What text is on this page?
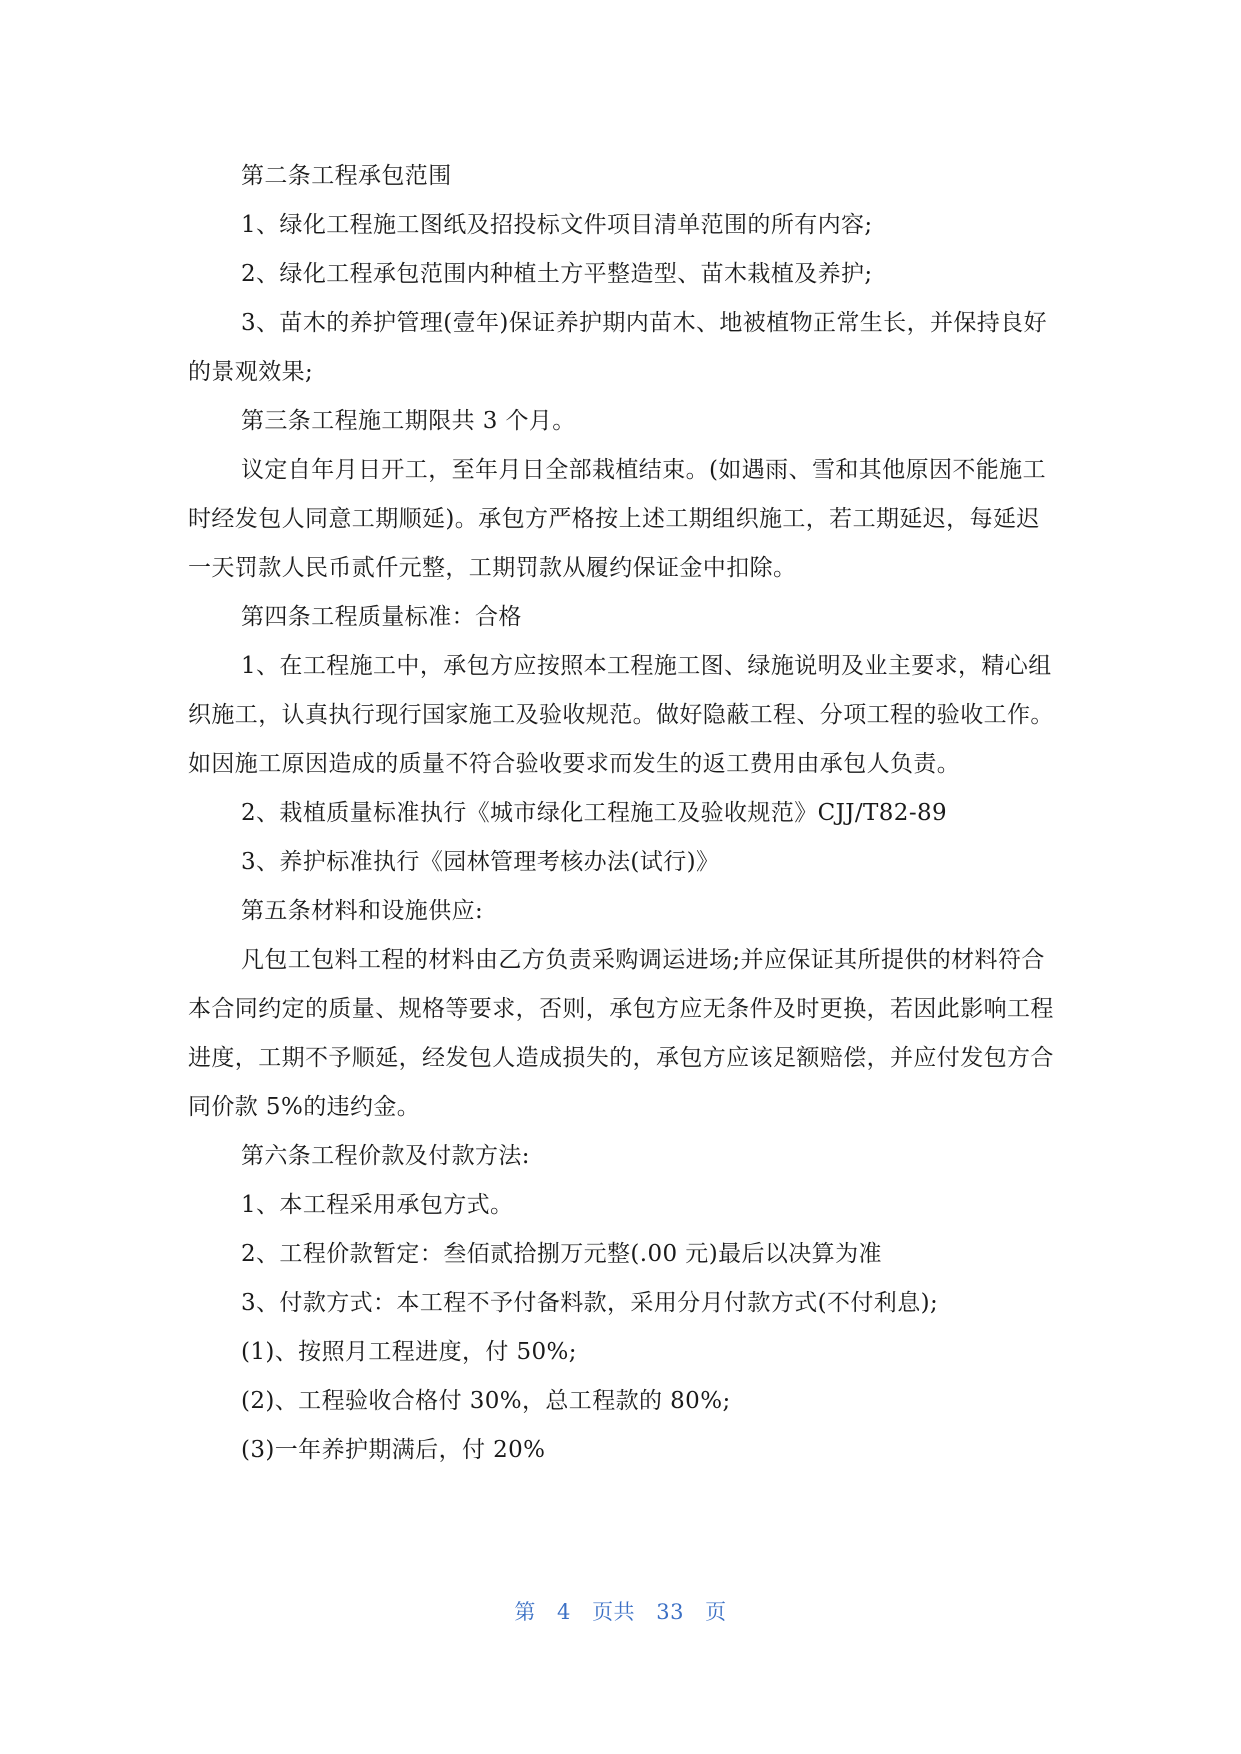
第二条工程承包范围

1、绿化工程施工图纸及招投标文件项目清单范围的所有内容;

2、绿化工程承包范围内种植土方平整造型、苗木栽植及养护;

3、苗木的养护管理(壹年)保证养护期内苗木、地被植物正常生长，并保持良好的景观效果;

第三条工程施工期限共 3 个月。

议定自年月日开工，至年月日全部栽植结束。(如遇雨、雪和其他原因不能施工时经发包人同意工期顺延)。承包方严格按上述工期组织施工，若工期延迟，每延迟一天罚款人民币贰仟元整，工期罚款从履约保证金中扣除。

第四条工程质量标准：合格

1、在工程施工中，承包方应按照本工程施工图、绿施说明及业主要求，精心组织施工，认真执行现行国家施工及验收规范。做好隐蔽工程、分项工程的验收工作。如因施工原因造成的质量不符合验收要求而发生的返工费用由承包人负责。

2、栽植质量标准执行《城市绿化工程施工及验收规范》CJJ/T82-89

3、养护标准执行《园林管理考核办法(试行)》

第五条材料和设施供应:

凡包工包料工程的材料由乙方负责采购调运进场;并应保证其所提供的材料符合本合同约定的质量、规格等要求，否则，承包方应无条件及时更换，若因此影响工程进度，工期不予顺延，经发包人造成损失的，承包方应该足额赔偿，并应付发包方合同价款 5%的违约金。

第六条工程价款及付款方法:

1、本工程采用承包方式。

2、工程价款暂定：叁佰贰拾捌万元整(.00 元)最后以决算为准

3、付款方式：本工程不予付备料款，采用分月付款方式(不付利息);

(1)、按照月工程进度，付 50%;

(2)、工程验收合格付 30%，总工程款的 80%;

(3)一年养护期满后，付 20%

第 4 页共 33 页
